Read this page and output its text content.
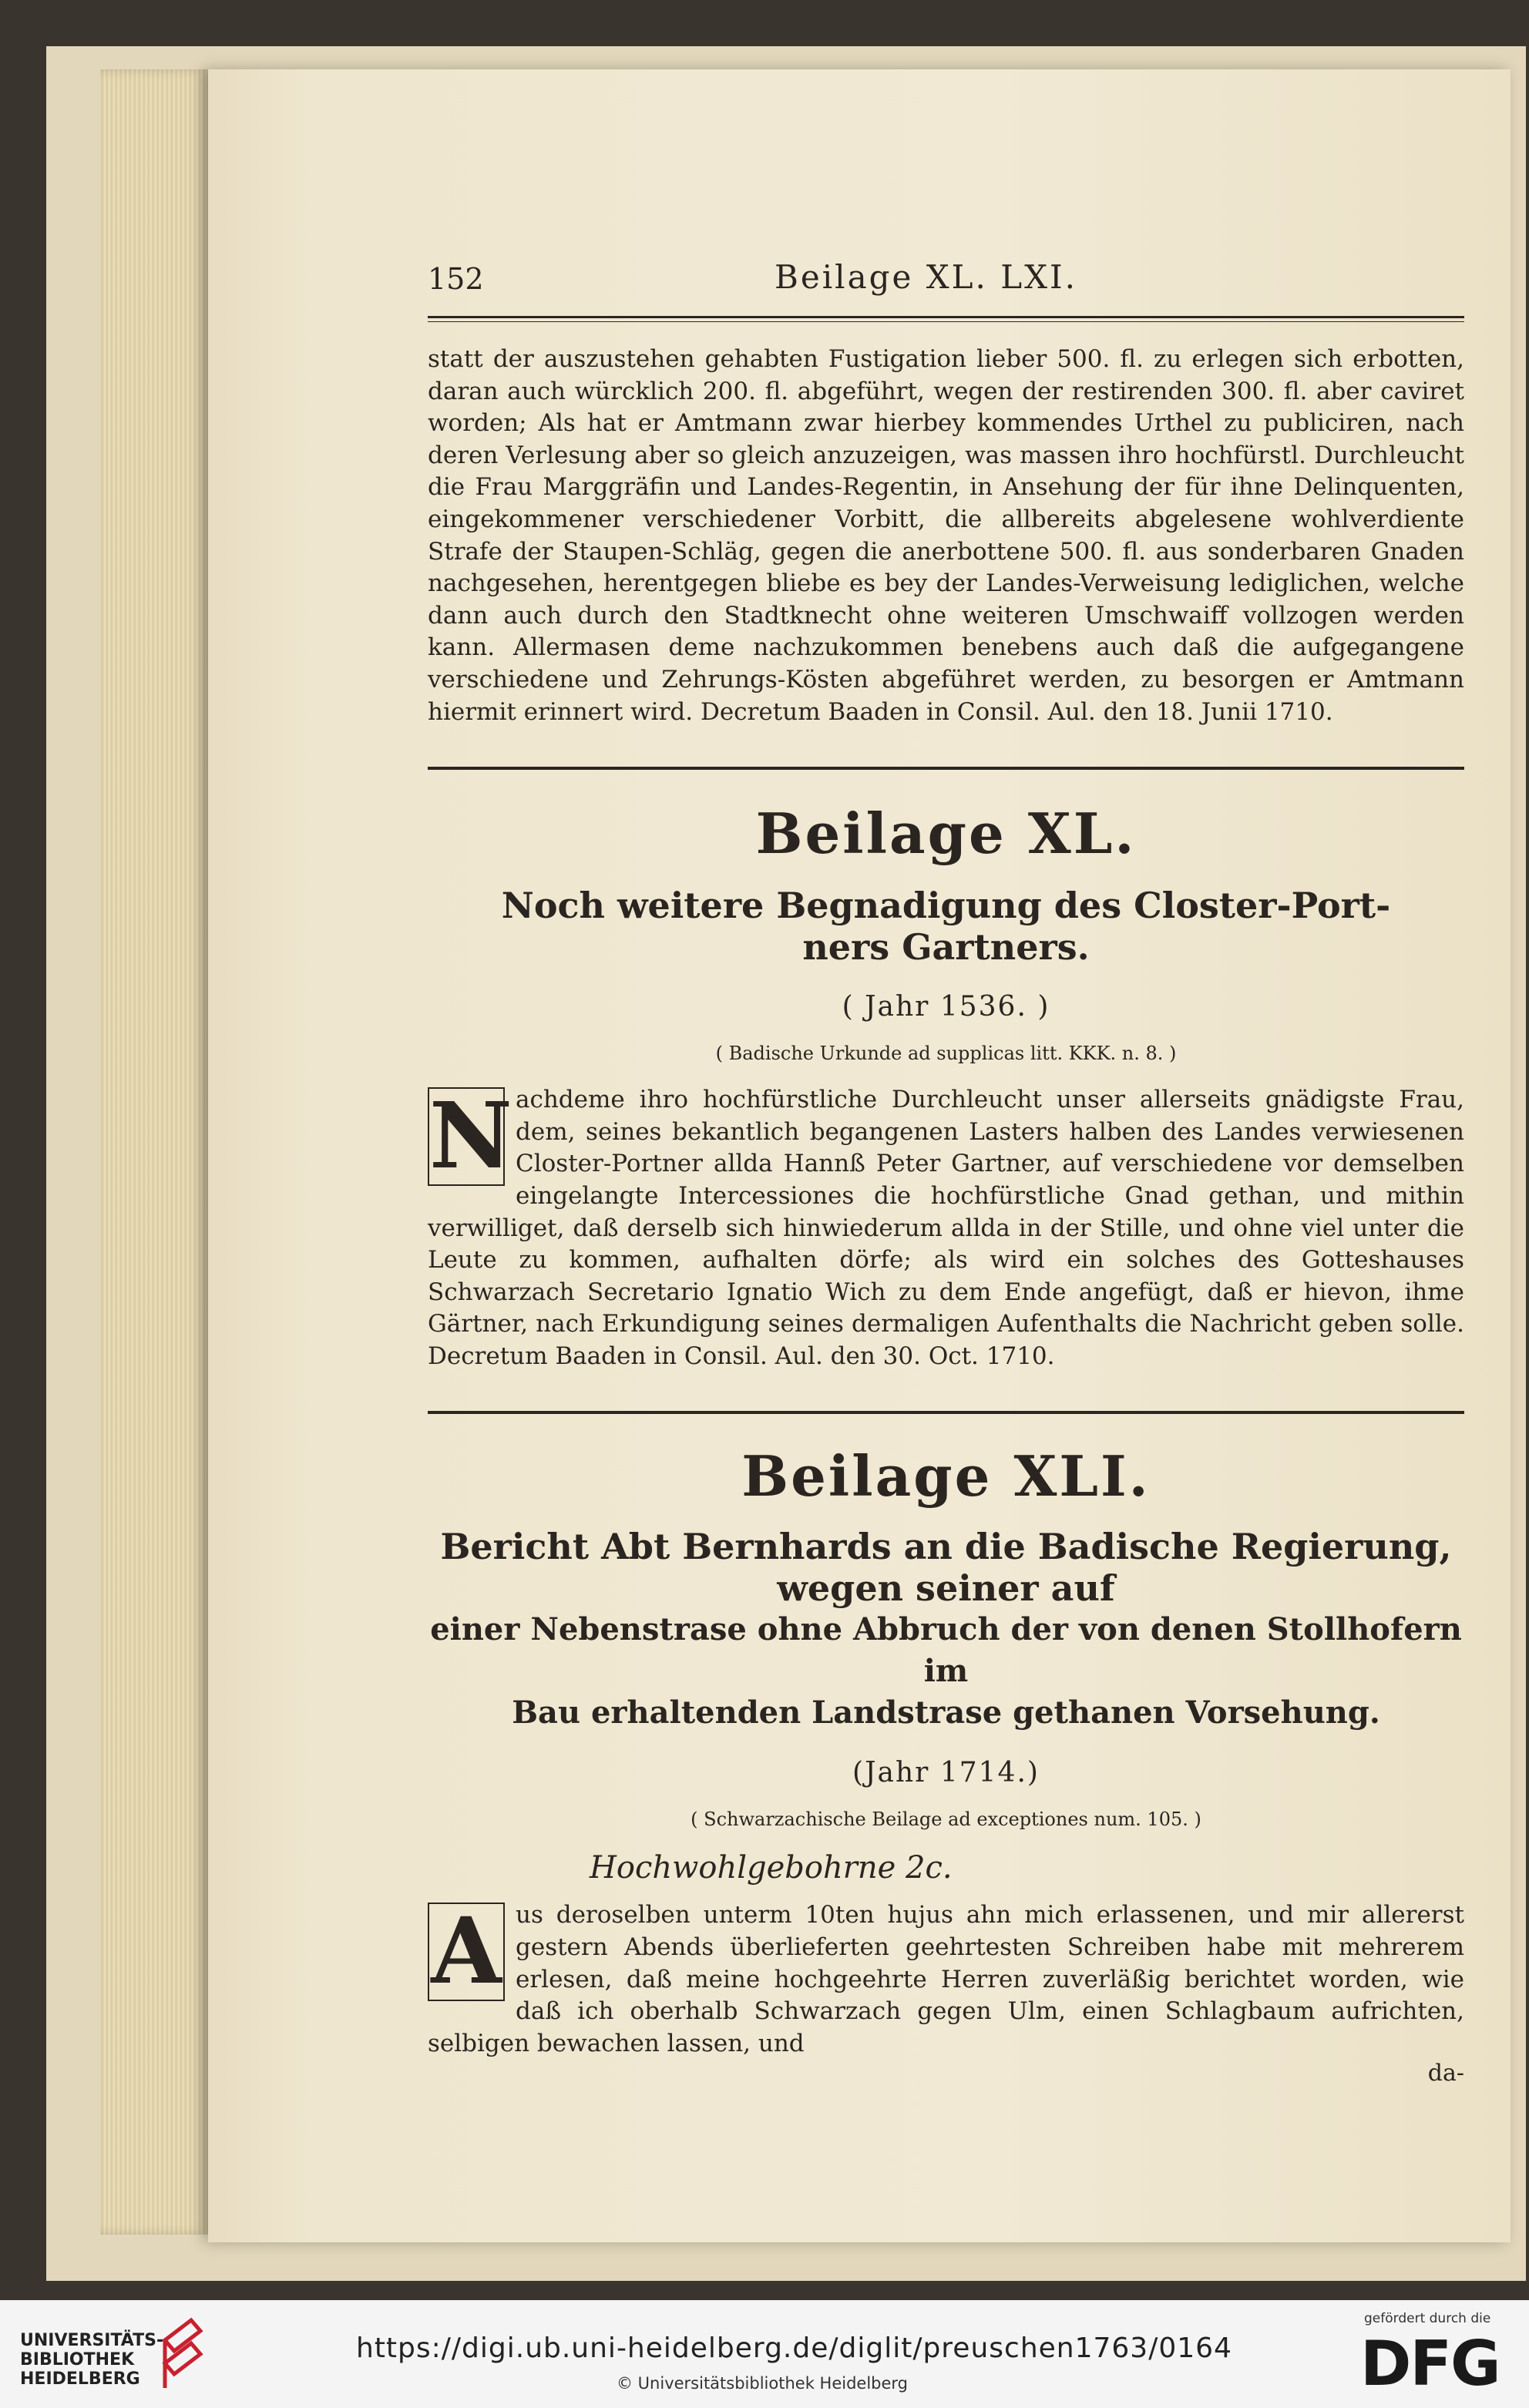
152	Beilage XL. LXI.

statt der auszustehen gehabten Fustigation lieber 500. fl. zu erlegen sich erbotten, daran auch würcklich 200. fl. abgeführt, wegen der restirenden 300. fl. aber caviret worden; Als hat er Amtmann zwar hierbey kommendes Urthel zu publiciren, nach deren Verlesung aber so gleich anzuzeigen, was massen ihro hochfürstl. Durchleucht die Frau Marggräfin und Landes-Regentin, in Ansehung der für ihne Delinquenten, eingekommener verschiedener Vorbitt, die allbereits abgelesene wohlverdiente Strafe der Staupen-Schläg, gegen die anerbottene 500. fl. aus sonderbaren Gnaden nachgesehen, herentgegen bliebe es bey der Landes-Verweisung lediglichen, welche dann auch durch den Stadtknecht ohne weiteren Umschwaiff vollzogen werden kann. Allermasen deme nachzukommen benebens auch daß die aufgegangene verschiedene und Zehrungs-Kösten abgeführet werden, zu besorgen er Amtmann hiermit erinnert wird. Decretum Baaden in Consil. Aul. den 18. Junii 1710.

Beilage XL.

Noch weitere Begnadigung des Closter-Port-

ners Gartners.

( Jahr 1536. )

( Badische Urkunde ad supplicas litt. KKK. n. 8. )

N achdeme ihro hochfürstliche Durchleucht unser allerseits gnädigste Frau, dem, seines bekantlich begangenen Lasters halben des Landes verwiesenen Closter-Portner allda Hannß Peter Gartner, auf verschiedene vor demselben eingelangte Intercessiones die hochfürstliche Gnad gethan, und mithin verwilliget, daß derselb sich hinwiederum allda in der Stille, und ohne viel unter die Leute zu kommen, aufhalten dörfe; als wird ein solches des Gotteshauses Schwarzach Secretario Ignatio Wich zu dem Ende angefügt, daß er hievon, ihme Gärtner, nach Erkundigung seines dermaligen Aufenthalts die Nachricht geben solle. Decretum Baaden in Consil. Aul. den 30. Oct. 1710.

Beilage XLI.

Bericht Abt Bernhards an die Badische Regierung, wegen seiner auf

einer Nebenstrase ohne Abbruch der von denen Stollhofern im

Bau erhaltenden Landstrase gethanen Vorsehung.

(Jahr 1714.)

( Schwarzachische Beilage ad exceptiones num. 105. )

Hochwohlgebohrne 2c.

A us deroselben unterm 10ten hujus ahn mich erlassenen, und mir allererst gestern Abends überlieferten geehrtesten Schreiben habe mit mehrerem erlesen, daß meine hochgeehrte Herren zuverläßig berichtet worden, wie daß ich oberhalb Schwarzach gegen Ulm, einen Schlagbaum aufrichten, selbigen bewachen lassen, und

da-

UNIVERSITÄTS-
BIBLIOTHEK
HEIDELBERG
https://digi.ub.uni-heidelberg.de/diglit/preuschen1763/0164
© Universitätsbibliothek Heidelberg
gefördert durch die
DFG
